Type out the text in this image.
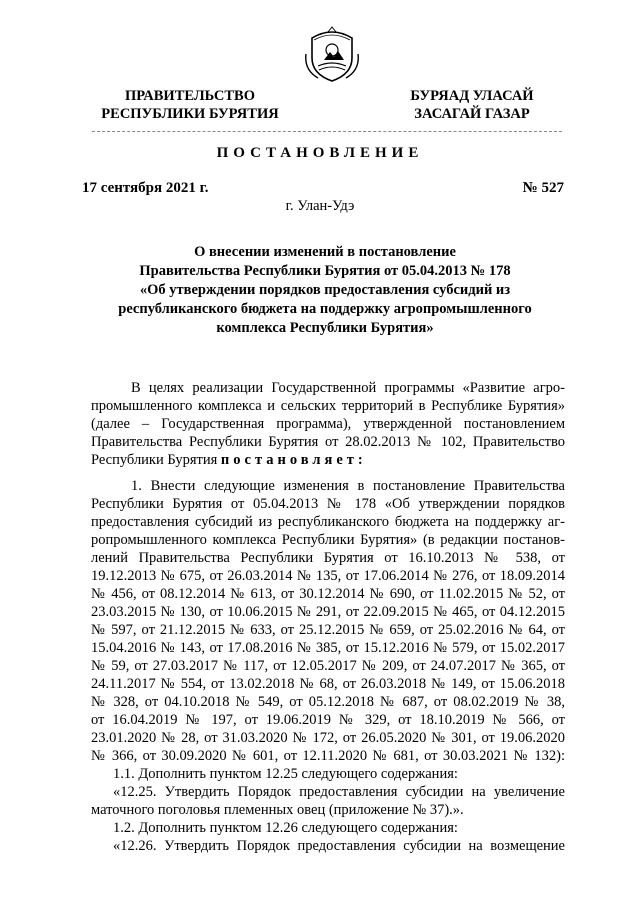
ПРАВИТЕЛЬСТВО
РЕСПУБЛИКИ БУРЯТИЯ
БУРЯАД УЛАСАЙ
ЗАСАГАЙ ГАЗАР
ПОСТАНОВЛЕНИЕ
17 сентября 2021 г.	№ 527
г. Улан-Удэ
О внесении изменений в постановление
Правительства Республики Бурятия от 05.04.2013 № 178
«Об утверждении порядков предоставления субсидий из
республиканского бюджета на поддержку агропромышленного
комплекса Республики Бурятия»
В целях реализации Государственной программы «Развитие агро-
промышленного комплекса и сельских территорий в Республике Бурятия»
(далее – Государственная программа), утвержденной постановлением
Правительства Республики Бурятия от 28.02.2013 № 102, Правительство
Республики Бурятия постановляет:
1. Внести следующие изменения в постановление Правительства
Республики Бурятия от 05.04.2013 № 178 «Об утверждении порядков
предоставления субсидий из республиканского бюджета на поддержку аг-
ропромышленного комплекса Республики Бурятия» (в редакции постанов-
лений Правительства Республики Бурятия от 16.10.2013 № 538, от
19.12.2013 № 675, от 26.03.2014 № 135, от 17.06.2014 № 276, от 18.09.2014
№ 456, от 08.12.2014 № 613, от 30.12.2014 № 690, от 11.02.2015 № 52, от
23.03.2015 № 130, от 10.06.2015 № 291, от 22.09.2015 № 465, от 04.12.2015
№ 597, от 21.12.2015 № 633, от 25.12.2015 № 659, от 25.02.2016 № 64, от
15.04.2016 № 143, от 17.08.2016 № 385, от 15.12.2016 № 579, от 15.02.2017
№ 59, от 27.03.2017 № 117, от 12.05.2017 № 209, от 24.07.2017 № 365, от
24.11.2017 № 554, от 13.02.2018 № 68, от 26.03.2018 № 149, от 15.06.2018
№ 328, от 04.10.2018 № 549, от 05.12.2018 № 687, от 08.02.2019 № 38,
от 16.04.2019 № 197, от 19.06.2019 № 329, от 18.10.2019 № 566, от
23.01.2020 № 28, от 31.03.2020 № 172, от 26.05.2020 № 301, от 19.06.2020
№ 366, от 30.09.2020 № 601, от 12.11.2020 № 681, от 30.03.2021 № 132):
1.1. Дополнить пунктом 12.25 следующего содержания:
«12.25. Утвердить Порядок предоставления субсидии на увеличение
маточного поголовья племенных овец (приложение № 37).».
1.2. Дополнить пунктом 12.26 следующего содержания:
«12.26. Утвердить Порядок предоставления субсидии на возмещение
